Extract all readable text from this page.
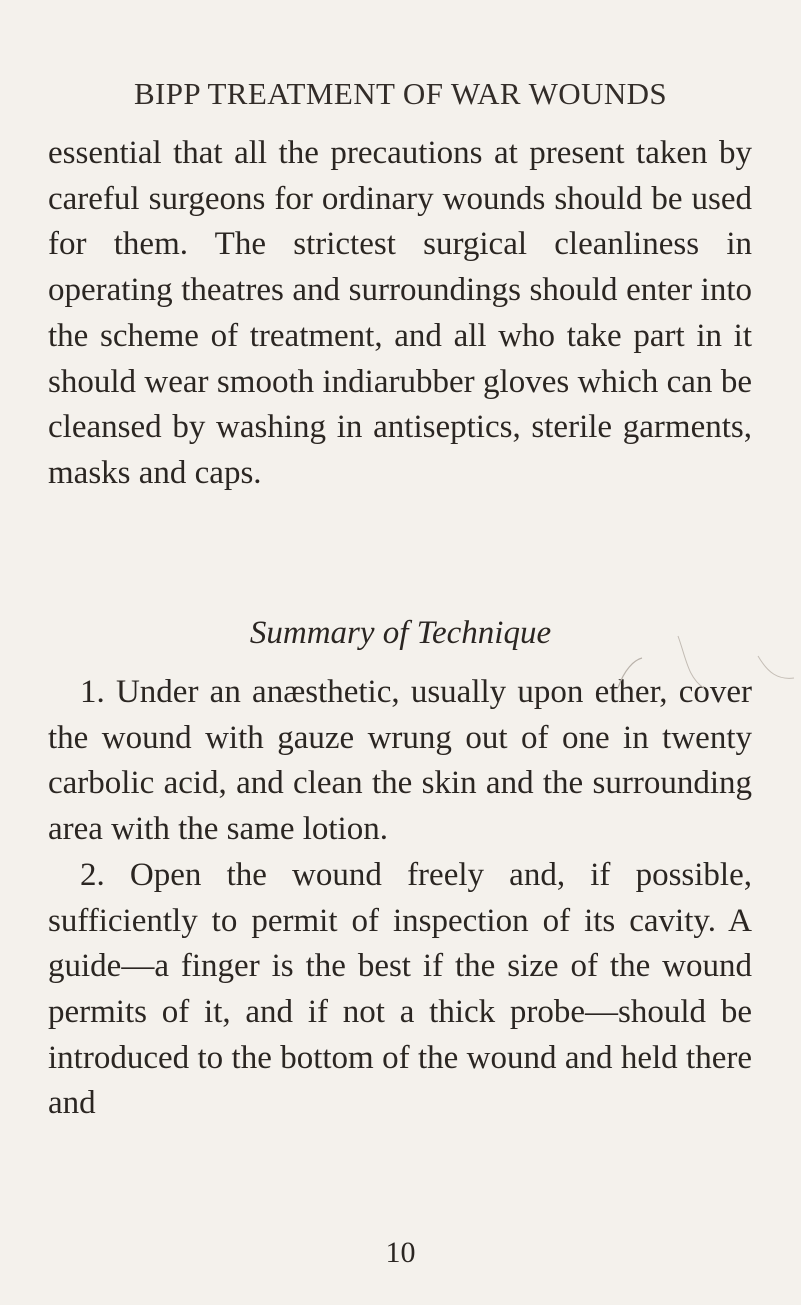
BIPP TREATMENT OF WAR WOUNDS

essential that all the precautions at present taken by careful surgeons for ordinary wounds should be used for them. The strictest surgical cleanliness in operating theatres and surroundings should enter into the scheme of treatment, and all who take part in it should wear smooth indiarubber gloves which can be cleansed by washing in antiseptics, sterile garments, masks and caps.

Summary of Technique

1. Under an anæsthetic, usually upon ether, cover the wound with gauze wrung out of one in twenty carbolic acid, and clean the skin and the surrounding area with the same lotion.

2. Open the wound freely and, if possible, sufficiently to permit of inspection of its cavity. A guide—a finger is the best if the size of the wound permits of it, and if not a thick probe—should be introduced to the bottom of the wound and held there and

10
